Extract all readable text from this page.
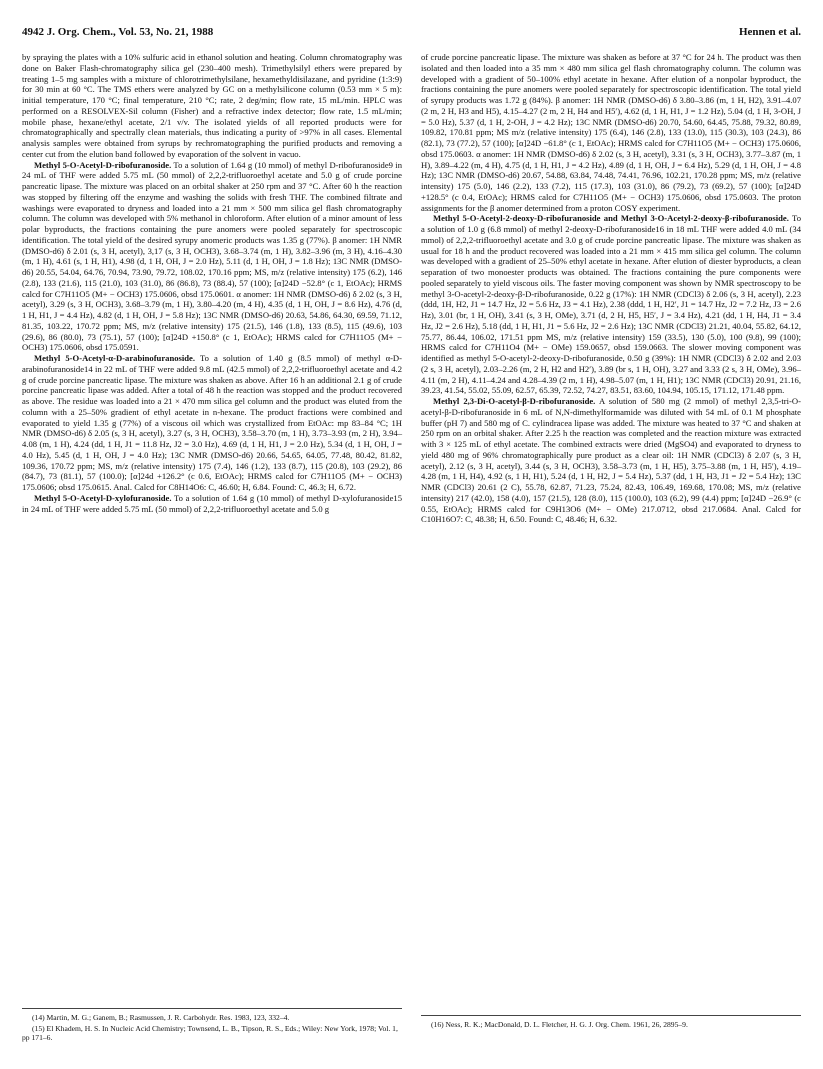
4942 J. Org. Chem., Vol. 53, No. 21, 1988	Hennen et al.

by spraying the plates with a 10% sulfuric acid in ethanol solution and heating. Column chromatography was done on Baker Flash-chromatography silica gel (230–400 mesh). Trimethylsilyl ethers were prepared by treating 1–5 mg samples with a mixture of chlorotrimethylsilane, hexamethyldisilazane, and pyridine (1:3:9) for 30 min at 60 °C. The TMS ethers were analyzed by GC on a methylsilicone column (0.53 mm × 5 m): initial temperature, 170 °C; final temperature, 210 °C; rate, 2 deg/min; flow rate, 15 mL/min. HPLC was performed on a RESOLVEX-Sil column (Fisher) and a refractive index detector; flow rate, 1.5 mL/min; mobile phase, hexane/ethyl acetate, 2/1 v/v. The isolated yields of all reported products were for chromatographically and spectrally clean materials, thus indicating a purity of >97% in all cases. Elemental analysis samples were obtained from syrups by rechromatographing the purified products and removing a center cut from the elution band followed by evaporation of the solvent in vacuo.

Methyl 5-O-Acetyl-D-ribofuranoside. To a solution of 1.64 g (10 mmol) of methyl D-ribofuranoside9 in 24 mL of THF were added 5.75 mL (50 mmol) of 2,2,2-trifluoroethyl acetate and 5.0 g of crude porcine pancreatic lipase. The mixture was placed on an orbital shaker at 250 rpm and 37 °C. After 60 h the reaction was stopped by filtering off the enzyme and washing the solids with fresh THF. The combined filtrate and washings were evaporated to dryness and loaded into a 21 mm × 500 mm silica gel flash chromatography column. The column was developed with 5% methanol in chloroform. After elution of a minor amount of less polar byproducts, the fractions containing the pure anomers were pooled separately for spectroscopic identification. The total yield of the desired syrupy anomeric products was 1.35 g (77%). β anomer: 1H NMR (DMSO-d6) δ 2.01 (s, 3 H, acetyl), 3,17 (s, 3 H, OCH3), 3.68–3.74 (m, 1 H), 3.82–3.96 (m, 3 H), 4.16–4.30 (m, 1 H), 4.61 (s, 1 H, H1), 4.98 (d, 1 H, OH, J = 2.0 Hz), 5.11 (d, 1 H, OH, J = 1.8 Hz); 13C NMR (DMSO-d6) 20.55, 54.04, 64.76, 70.94, 73.90, 79.72, 108.02, 170.16 ppm; MS, m/z (relative intensity) 175 (6.2), 146 (2.8), 133 (21.6), 115 (21.0), 103 (31.0), 86 (86.8), 73 (88.4), 57 (100); [α]24D −52.8° (c 1, EtOAc); HRMS calcd for C7H11O5 (M+ − OCH3) 175.0606, obsd 175.0601. α anomer: 1H NMR (DMSO-d6) δ 2.02 (s, 3 H, acetyl), 3.29 (s, 3 H, OCH3), 3.68–3.79 (m, 1 H), 3.80–4.20 (m, 4 H), 4.35 (d, 1 H, OH, J = 8.6 Hz), 4.76 (d, 1 H, H1, J = 4.4 Hz), 4.82 (d, 1 H, OH, J = 5.8 Hz); 13C NMR (DMSO-d6) 20.63, 54.86, 64.30, 69.59, 71.12, 81.35, 103.22, 170.72 ppm; MS, m/z (relative intensity) 175 (21.5), 146 (1.8), 133 (8.5), 115 (49.6), 103 (29.6), 86 (80.0), 73 (75.1), 57 (100); [α]24D +150.8° (c 1, EtOAc); HRMS calcd for C7H11O5 (M+ − OCH3) 175.0606, obsd 175.0591.

Methyl 5-O-Acetyl-α-D-arabinofuranoside. To a solution of 1.40 g (8.5 mmol) of methyl α-D-arabinofuranoside14 in 22 mL of THF were added 9.8 mL (42.5 mmol) of 2,2,2-trifluoroethyl acetate and 4.2 g of crude porcine pancreatic lipase. The mixture was shaken as above. After 16 h an additional 2.1 g of crude porcine pancreatic lipase was added. After a total of 48 h the reaction was stopped and the product recovered as above. The residue was loaded into a 21 × 470 mm silica gel column and the product was eluted from the column with a 25–50% gradient of ethyl acetate in n-hexane. The product fractions were combined and evaporated to yield 1.35 g (77%) of a viscous oil which was crystallized from EtOAc: mp 83–84 °C; 1H NMR (DMSO-d6) δ 2.05 (s, 3 H, acetyl), 3.27 (s, 3 H, OCH3), 3.58–3.70 (m, 1 H), 3.73–3.93 (m, 2 H), 3.94–4.08 (m, 1 H), 4.24 (dd, 1 H, J1 = 11.8 Hz, J2 = 3.0 Hz), 4.69 (d, 1 H, H1, J = 2.0 Hz), 5.34 (d, 1 H, OH, J = 4.0 Hz), 5.45 (d, 1 H, OH, J = 4.0 Hz); 13C NMR (DMSO-d6) 20.66, 54.65, 64.05, 77.48, 80.42, 81.82, 109.36, 170.72 ppm; MS, m/z (relative intensity) 175 (7.4), 146 (1.2), 133 (8.7), 115 (20.8), 103 (29.2), 86 (84.7), 73 (81.1), 57 (100.0); [α]24d +126.2° (c 0.6, EtOAc); HRMS calcd for C7H11O5 (M+ − OCH3) 175.0606; obsd 175.0615. Anal. Calcd for C8H14O6: C, 46.60; H, 6.84. Found: C, 46.3; H, 6.72.

Methyl 5-O-Acetyl-D-xylofuranoside. To a solution of 1.64 g (10 mmol) of methyl D-xylofuranoside15 in 24 mL of THF were added 5.75 mL (50 mmol) of 2,2,2-trifluoroethyl acetate and 5.0 g

of crude porcine pancreatic lipase. The mixture was shaken as before at 37 °C for 24 h. The product was then isolated and then loaded into a 35 mm × 480 mm silica gel flash chromatography column. The column was developed with a gradient of 50–100% ethyl acetate in hexane. After elution of a nonpolar byproduct, the fractions containing the pure anomers were pooled separately for spectroscopic identification. The total yield of syrupy products was 1.72 g (84%). β anomer: 1H NMR (DMSO-d6) δ 3.80–3.86 (m, 1 H, H2), 3.91–4.07 (2 m, 2 H, H3 and H5), 4.15–4.27 (2 m, 2 H, H4 and H5′), 4.62 (d, 1 H, H1, J = 1.2 Hz), 5.04 (d, 1 H, 3-OH, J = 5.0 Hz), 5.37 (d, 1 H, 2-OH, J = 4.2 Hz); 13C NMR (DMSO-d6) 20.70, 54.60, 64.45, 75.88, 79.32, 80.89, 109.82, 170.81 ppm; MS m/z (relative intensity) 175 (6.4), 146 (2.8), 133 (13.0), 115 (30.3), 103 (24.3), 86 (82.1), 73 (77.2), 57 (100); [α]24D −61.8° (c 1, EtOAc); HRMS calcd for C7H11O5 (M+ − OCH3) 175.0606, obsd 175.0603. α anomer: 1H NMR (DMSO-d6) δ 2.02 (s, 3 H, acetyl), 3.31 (s, 3 H, OCH3), 3.77–3.87 (m, 1 H), 3.89–4.22 (m, 4 H), 4.75 (d, 1 H, H1, J = 4.2 Hz), 4.89 (d, 1 H, OH, J = 6.4 Hz), 5.29 (d, 1 H, OH, J = 4.8 Hz); 13C NMR (DMSO-d6) 20.67, 54.88, 63.84, 74.48, 74.41, 76.96, 102.21, 170.28 ppm; MS, m/z (relative intensity) 175 (5.0), 146 (2.2), 133 (7.2), 115 (17.3), 103 (31.0), 86 (79.2), 73 (69.2), 57 (100); [α]24D +128.5° (c 0.4, EtOAc); HRMS calcd for C7H11O5 (M+ − OCH3) 175.0606, obsd 175.0603. The proton assignments for the β anomer determined from a proton COSY experiment.

Methyl 5-O-Acetyl-2-deoxy-D-ribofuranoside and Methyl 3-O-Acetyl-2-deoxy-β-ribofuranoside. To a solution of 1.0 g (6.8 mmol) of methyl 2-deoxy-D-ribofuranoside16 in 18 mL THF were added 4.0 mL (34 mmol) of 2,2,2-trifluoroethyl acetate and 3.0 g of crude porcine pancreatic lipase. The mixture was shaken as usual for 18 h and the product recovered was loaded into a 21 mm × 415 mm silica gel column. The column was developed with a gradient of 25–50% ethyl acetate in hexane. After elution of diester byproducts, a clean separation of two monoester products was obtained. The fractions containing the pure components were pooled separately to yield viscous oils. The faster moving component was shown by NMR spectroscopy to be methyl 3-O-acetyl-2-deoxy-β-D-ribofuranoside, 0.22 g (17%): 1H NMR (CDCl3) δ 2.06 (s, 3 H, acetyl), 2.23 (ddd, 1H, H2, J1 = 14.7 Hz, J2 = 5.6 Hz, J3 = 4.1 Hz), 2.38 (ddd, 1 H, H2′, J1 = 14.7 Hz, J2 = 7.2 Hz, J3 = 2.6 Hz), 3.01 (br, 1 H, OH), 3.41 (s, 3 H, OMe), 3.71 (d, 2 H, H5, H5′, J = 3.4 Hz), 4.21 (dd, 1 H, H4, J1 = 3.4 Hz, J2 = 2.6 Hz), 5.18 (dd, 1 H, H1, J1 = 5.6 Hz, J2 = 2.6 Hz); 13C NMR (CDCl3) 21.21, 40.04, 55.82, 64.12, 75.77, 86.44, 106.02, 171.51 ppm MS, m/z (relative intensity) 159 (33.5), 130 (5.0), 100 (9.8), 99 (100); HRMS calcd for C7H11O4 (M+ − OMe) 159.0657, obsd 159.0663. The slower moving component was identified as methyl 5-O-acetyl-2-deoxy-D-ribofuranoside, 0.50 g (39%): 1H NMR (CDCl3) δ 2.02 and 2.03 (2 s, 3 H, acetyl), 2.03–2.26 (m, 2 H, H2 and H2′), 3.89 (br s, 1 H, OH), 3.27 and 3.33 (2 s, 3 H, OMe), 3.96–4.11 (m, 2 H), 4.11–4.24 and 4.28–4.39 (2 m, 1 H), 4.98–5.07 (m, 1 H, H1); 13C NMR (CDCl3) 20.91, 21.16, 39.23, 41.54, 55.02, 55.09, 62.57, 65.39, 72.52, 74.27, 83.51, 83.60, 104.94, 105.15, 171.12, 171.48 ppm.

Methyl 2,3-Di-O-acetyl-β-D-ribofuranoside. A solution of 580 mg (2 mmol) of methyl 2,3,5-tri-O-acetyl-β-D-ribofuranoside in 6 mL of N,N-dimethylformamide was diluted with 54 mL of 0.1 M phosphate buffer (pH 7) and 580 mg of C. cylindracea lipase was added. The mixture was heated to 37 °C and shaken at 250 rpm on an orbital shaker. After 2.25 h the reaction was completed and the reaction mixture was extracted with 3 × 125 mL of ethyl acetate. The combined extracts were dried (MgSO4) and evaporated to dryness to yield 480 mg of 96% chromatographically pure product as a clear oil: 1H NMR (CDCl3) δ 2.07 (s, 3 H, acetyl), 2.12 (s, 3 H, acetyl), 3.44 (s, 3 H, OCH3), 3.58–3.73 (m, 1 H, H5), 3.75–3.88 (m, 1 H, H5′), 4.19–4.28 (m, 1 H, H4), 4.92 (s, 1 H, H1), 5.24 (d, 1 H, H2, J = 5.4 Hz), 5.37 (dd, 1 H, H3, J1 = J2 = 5.4 Hz); 13C NMR (CDCl3) 20.61 (2 C), 55.78, 62.87, 71.23, 75.24, 82.43, 106.49, 169.68, 170.08; MS, m/z (relative intensity) 217 (42.0), 158 (4.0), 157 (21.5), 128 (8.0), 115 (100.0), 103 (6.2), 99 (4.4) ppm; [α]24D −26.9° (c 0.55, EtOAc); HRMS calcd for C9H13O6 (M+ − OMe) 217.0712, obsd 217.0684. Anal. Calcd for C10H16O7: C, 48.38; H, 6.50. Found: C, 48.46; H, 6.32.

(14) Martin, M. G.; Ganem, B.; Rasmussen, J. R. Carbohydr. Res. 1983, 123, 332–4.

(15) El Khadem, H. S. In Nucleic Acid Chemistry; Townsend, L. B., Tipson, R. S., Eds.; Wiley: New York, 1978; Vol. 1, pp 171–6.

(16) Ness, R. K.; MacDonald, D. L. Fletcher, H. G. J. Org. Chem. 1961, 26, 2895–9.
